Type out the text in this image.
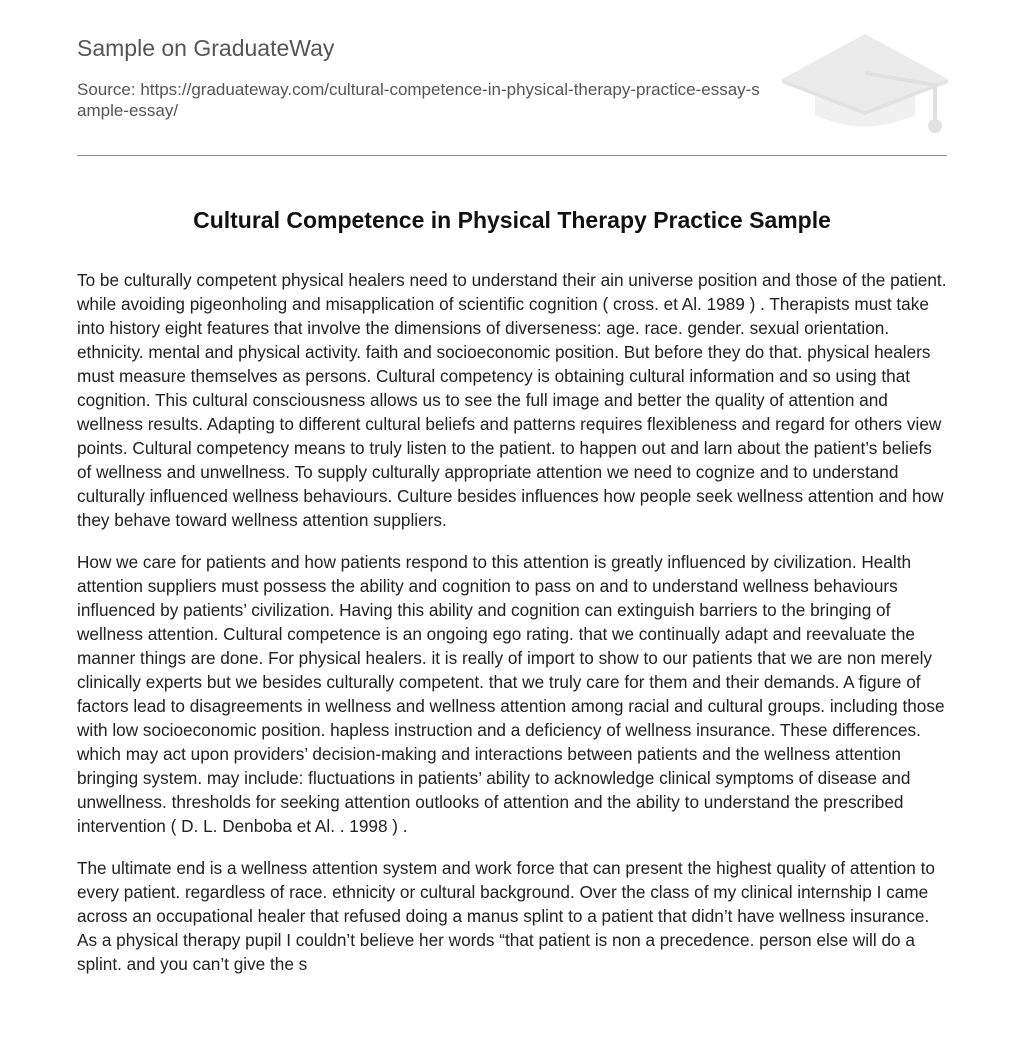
Sample on GraduateWay
Source: https://graduateway.com/cultural-competence-in-physical-therapy-practice-essay-sample-essay/
Cultural Competence in Physical Therapy Practice Sample

To be culturally competent physical healers need to understand their ain universe position and those of the patient. while avoiding pigeonholing and misapplication of scientific cognition ( cross. et Al. 1989 ) . Therapists must take into history eight features that involve the dimensions of diverseness: age. race. gender. sexual orientation. ethnicity. mental and physical activity. faith and socioeconomic position. But before they do that. physical healers must measure themselves as persons. Cultural competency is obtaining cultural information and so using that cognition. This cultural consciousness allows us to see the full image and better the quality of attention and wellness results. Adapting to different cultural beliefs and patterns requires flexibleness and regard for others view points. Cultural competency means to truly listen to the patient. to happen out and larn about the patient’s beliefs of wellness and unwellness. To supply culturally appropriate attention we need to cognize and to understand culturally influenced wellness behaviours. Culture besides influences how people seek wellness attention and how they behave toward wellness attention suppliers.

How we care for patients and how patients respond to this attention is greatly influenced by civilization. Health attention suppliers must possess the ability and cognition to pass on and to understand wellness behaviours influenced by patients’ civilization. Having this ability and cognition can extinguish barriers to the bringing of wellness attention. Cultural competence is an ongoing ego rating. that we continually adapt and reevaluate the manner things are done. For physical healers. it is really of import to show to our patients that we are non merely clinically experts but we besides culturally competent. that we truly care for them and their demands. A figure of factors lead to disagreements in wellness and wellness attention among racial and cultural groups. including those with low socioeconomic position. hapless instruction and a deficiency of wellness insurance. These differences. which may act upon providers’ decision-making and interactions between patients and the wellness attention bringing system. may include: fluctuations in patients’ ability to acknowledge clinical symptoms of disease and unwellness. thresholds for seeking attention outlooks of attention and the ability to understand the prescribed intervention ( D. L. Denboba et Al. . 1998 ) .

The ultimate end is a wellness attention system and work force that can present the highest quality of attention to every patient. regardless of race. ethnicity or cultural background. Over the class of my clinical internship I came across an occupational healer that refused doing a manus splint to a patient that didn’t have wellness insurance. As a physical therapy pupil I couldn’t believe her words “that patient is non a precedence. person else will do a splint. and you can’t give the s
